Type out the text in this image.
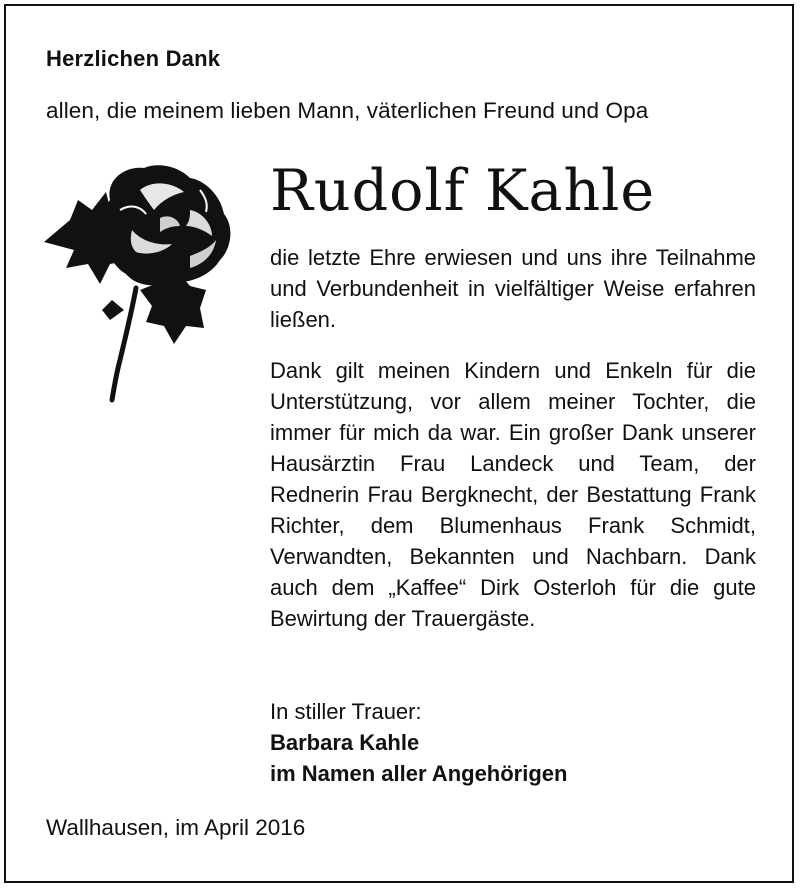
Herzlichen Dank
allen, die meinem lieben Mann, väterlichen Freund und Opa
Rudolf Kahle
die letzte Ehre erwiesen und uns ihre Teilnahme und Verbundenheit in vielfältiger Weise erfahren ließen.
Dank gilt meinen Kindern und Enkeln für die Unterstützung, vor allem meiner Tochter, die immer für mich da war. Ein großer Dank unserer Hausärztin Frau Landeck und Team, der Rednerin Frau Bergknecht, der Bestattung Frank Richter, dem Blumenhaus Frank Schmidt, Verwandten, Bekannten und Nachbarn. Dank auch dem „Kaffee“ Dirk Osterloh für die gute Bewirtung der Trauergäste.
In stiller Trauer:
Barbara Kahle
im Namen aller Angehörigen
Wallhausen, im April 2016
